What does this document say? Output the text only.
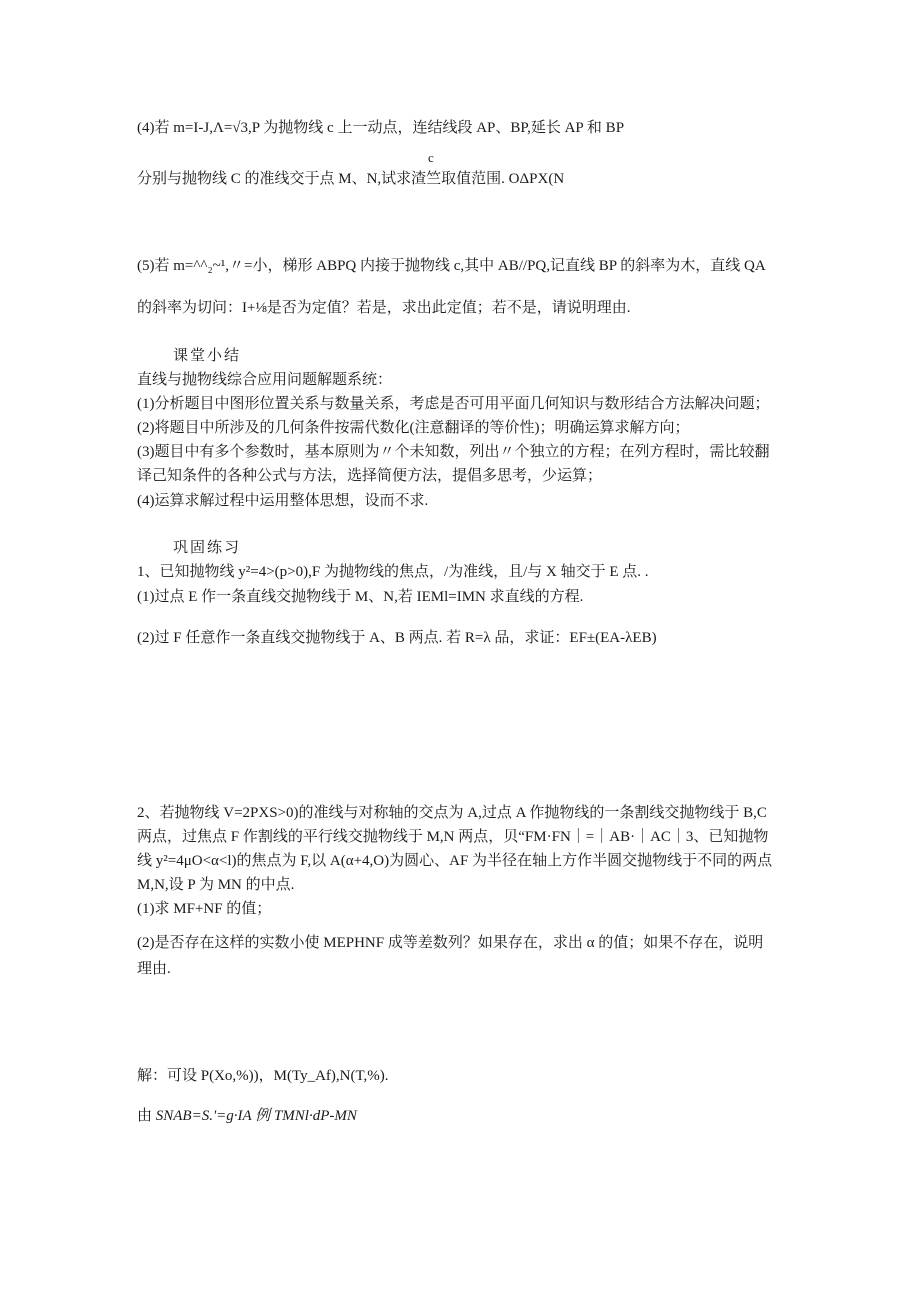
(4)若 m=I-J,Λ=√3,P 为抛物线 c 上一动点，连结线段 AP、BP,延长 AP 和 BP
c
分别与抛物线 C 的准线交于点 M、N,试求渣竺取值范围. OΔPX(N
(5)若 m=^^₂~¹,〃=小，梯形 ABPQ 内接于抛物线 c,其中 AB//PQ,记直线 BP 的斜率为木，直线 QA
的斜率为切问：I+⅛是否为定值？若是，求出此定值；若不是，请说明理由.
课堂小结
直线与抛物线综合应用问题解题系统：
(1)分析题目中图形位置关系与数量关系，考虑是否可用平面几何知识与数形结合方法解决问题；
(2)将题目中所涉及的几何条件按需代数化(注意翻译的等价性)；明确运算求解方向；
(3)题目中有多个参数时，基本原则为〃个未知数，列出〃个独立的方程；在列方程时，需比较翻
译己知条件的各种公式与方法，选择简便方法，提倡多思考，少运算；
(4)运算求解过程中运用整体思想，设而不求.
巩固练习
1、已知抛物线 y²=4>(p>0),F 为抛物线的焦点，/为准线，且/与 X 轴交于 E 点. .
(1)过点 E 作一条直线交抛物线于 M、N,若 IEMl=IMN 求直线的方程.
(2)过 F 任意作一条直线交抛物线于 A、B 两点. 若 R=λ 品，求证：EF±(EA-λEB)
2、若抛物线 V=2PXS>0)的准线与对称轴的交点为 A,过点 A 作抛物线的一条割线交抛物线于 B,C
两点，过焦点 F 作割线的平行线交抛物线于 M,N 两点，贝“FM·FN｜=｜AB·｜AC｜3、已知抛物
线 y²=4μO<α<l)的焦点为 F,以 A(α+4,O)为圆心、AF 为半径在轴上方作半圆交抛物线于不同的两点
M,N,设 P 为 MN 的中点.
(1)求 MF+NF 的值；
(2)是否存在这样的实数小使 MEPHNF 成等差数列？如果存在，求出 α 的值；如果不存在，说明
理由.
解：可设 P(Xo,%))，M(Ty_Af),N(T,%).
由 SNAB=S.'=g·IA 例 TMNl·dP-MN
